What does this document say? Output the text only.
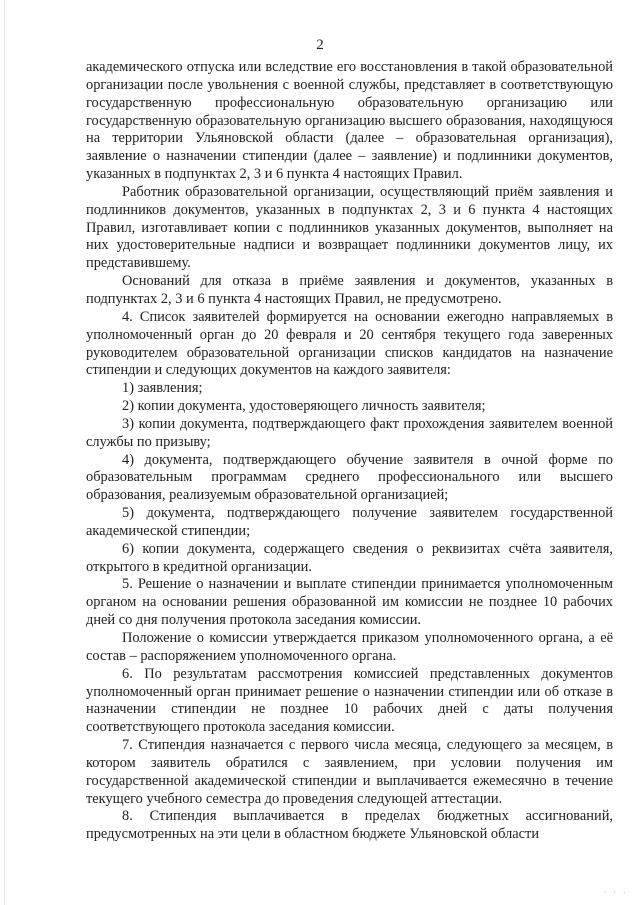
2

академического отпуска или вследствие его восстановления в такой образовательной организации после увольнения с военной службы, представляет в соответствующую государственную профессиональную образовательную организацию или государственную образовательную организацию высшего образования, находящуюся на территории Ульяновской области (далее – образовательная организация), заявление о назначении стипендии (далее – заявление) и подлинники документов, указанных в подпунктах 2, 3 и 6 пункта 4 настоящих Правил.

Работник образовательной организации, осуществляющий приём заявления и подлинников документов, указанных в подпунктах 2, 3 и 6 пункта 4 настоящих Правил, изготавливает копии с подлинников указанных документов, выполняет на них удостоверительные надписи и возвращает подлинники документов лицу, их представившему.

Оснований для отказа в приёме заявления и документов, указанных в подпунктах 2, 3 и 6 пункта 4 настоящих Правил, не предусмотрено.

4. Список заявителей формируется на основании ежегодно направляемых в уполномоченный орган до 20 февраля и 20 сентября текущего года заверенных руководителем образовательной организации списков кандидатов на назначение стипендии и следующих документов на каждого заявителя:

1) заявления;

2) копии документа, удостоверяющего личность заявителя;

3) копии документа, подтверждающего факт прохождения заявителем военной службы по призыву;

4) документа, подтверждающего обучение заявителя в очной форме по образовательным программам среднего профессионального или высшего образования, реализуемым образовательной организацией;

5) документа, подтверждающего получение заявителем государственной академической стипендии;

6) копии документа, содержащего сведения о реквизитах счёта заявителя, открытого в кредитной организации.

5. Решение о назначении и выплате стипендии принимается уполномоченным органом на основании решения образованной им комиссии не позднее 10 рабочих дней со дня получения протокола заседания комиссии.

Положение о комиссии утверждается приказом уполномоченного органа, а её состав – распоряжением уполномоченного органа.

6. По результатам рассмотрения комиссией представленных документов уполномоченный орган принимает решение о назначении стипендии или об отказе в назначении стипендии не позднее 10 рабочих дней с даты получения соответствующего протокола заседания комиссии.

7. Стипендия назначается с первого числа месяца, следующего за месяцем, в котором заявитель обратился с заявлением, при условии получения им государственной академической стипендии и выплачивается ежемесячно в течение текущего учебного семестра до проведения следующей аттестации.

8. Стипендия выплачивается в пределах бюджетных ассигнований, предусмотренных на эти цели в областном бюджете Ульяновской области

· · ·
